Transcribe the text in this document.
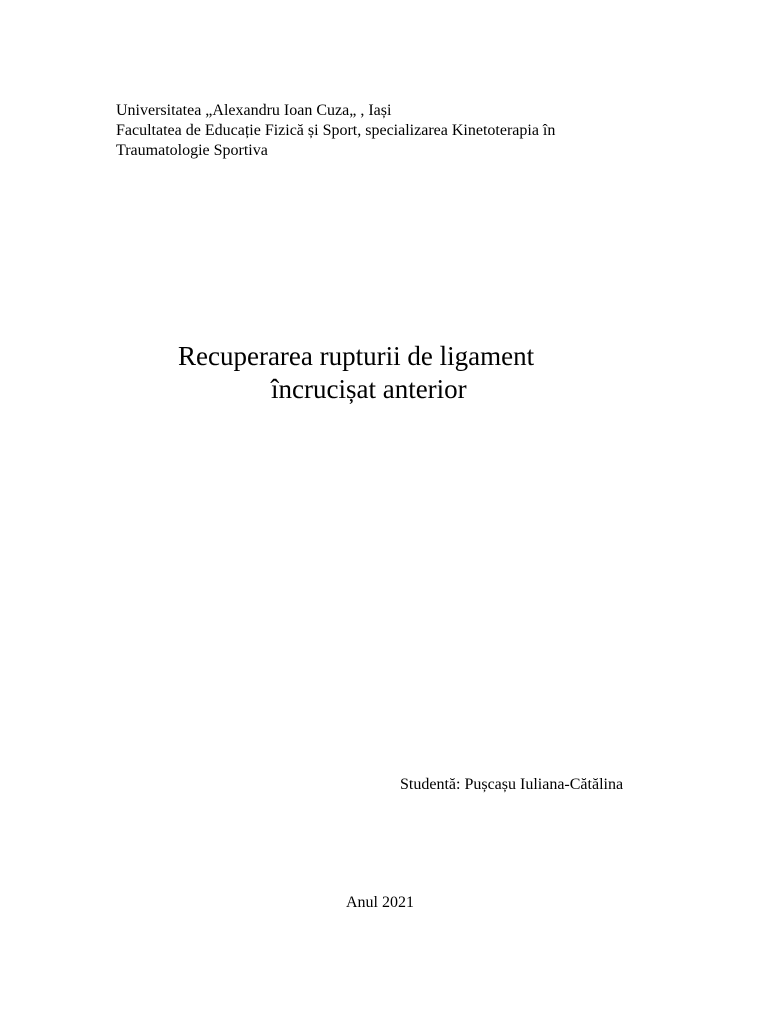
Universitatea „Alexandru Ioan Cuza„ , Iași
Facultatea de Educație Fizică și Sport, specializarea Kinetoterapia în
Traumatologie Sportiva
Recuperarea rupturii de ligament
încrucișat anterior
Studentă: Pușcașu Iuliana-Cătălina
Anul 2021
